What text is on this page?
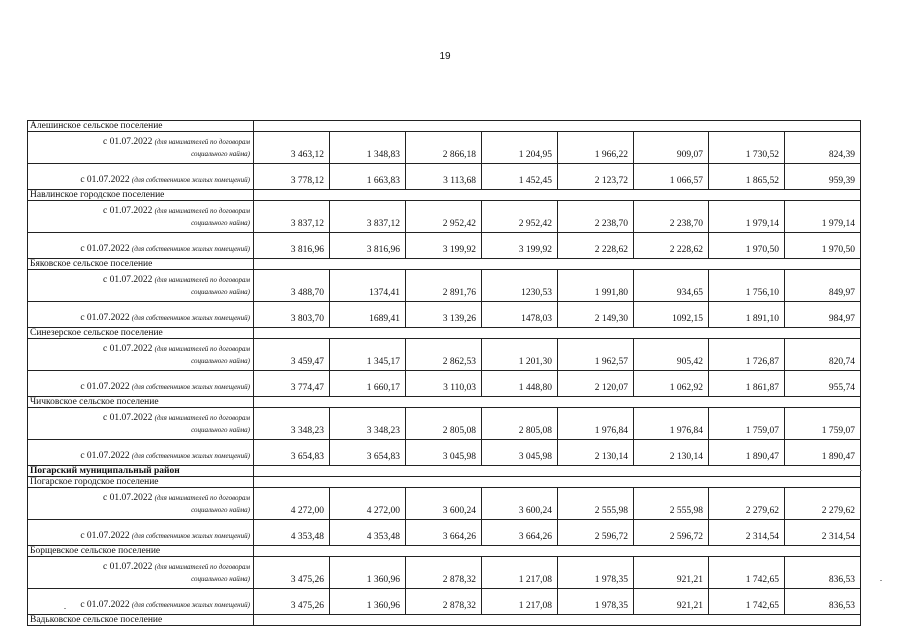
19
Алешинское сельское поселение								

с 01.07.2022 (для нанимателей по договорам
социального найма)	3 463,12	1 348,83	2 866,18	1 204,95	1 966,22	909,07	1 730,52	824,39
с 01.07.2022 (для собственников жилых помещений)	3 778,12	1 663,83	3 113,68	1 452,45	2 123,72	1 066,57	1 865,52	959,39
Навлинское городское поселение								

с 01.07.2022 (для нанимателей по договорам
социального найма)	3 837,12	3 837,12	2 952,42	2 952,42	2 238,70	2 238,70	1 979,14	1 979,14
с 01.07.2022 (для собственников жилых помещений)	3 816,96	3 816,96	3 199,92	3 199,92	2 228,62	2 228,62	1 970,50	1 970,50
Бяковское сельское поселение								

с 01.07.2022 (для нанимателей по договорам
социального найма)	3 488,70	1374,41	2 891,76	1230,53	1 991,80	934,65	1 756,10	849,97
с 01.07.2022 (для собственников жилых помещений)	3 803,70	1689,41	3 139,26	1478,03	2 149,30	1092,15	1 891,10	984,97
Синезерское сельское поселение								

с 01.07.2022 (для нанимателей по договорам
социального найма)	3 459,47	1 345,17	2 862,53	1 201,30	1 962,57	905,42	1 726,87	820,74
с 01.07.2022 (для собственников жилых помещений)	3 774,47	1 660,17	3 110,03	1 448,80	2 120,07	1 062,92	1 861,87	955,74
Чичковское сельское поселение								

с 01.07.2022 (для нанимателей по договорам
социального найма)	3 348,23	3 348,23	2 805,08	2 805,08	1 976,84	1 976,84	1 759,07	1 759,07
с 01.07.2022 (для собственников жилых помещений)	3 654,83	3 654,83	3 045,98	3 045,98	2 130,14	2 130,14	1 890,47	1 890,47
Погарский муниципальный район								
Погарское городское поселение								

с 01.07.2022 (для нанимателей по договорам
социального найма)	4 272,00	4 272,00	3 600,24	3 600,24	2 555,98	2 555,98	2 279,62	2 279,62
с 01.07.2022 (для собственников жилых помещений)	4 353,48	4 353,48	3 664,26	3 664,26	2 596,72	2 596,72	2 314,54	2 314,54
Борщевское сельское поселение								

с 01.07.2022 (для нанимателей по договорам
социального найма)	3 475,26	1 360,96	2 878,32	1 217,08	1 978,35	921,21	1 742,65	836,53
с 01.07.2022 (для собственников жилых помещений)	3 475,26	1 360,96	2 878,32	1 217,08	1 978,35	921,21	1 742,65	836,53
Вадьковское сельское поселение								
